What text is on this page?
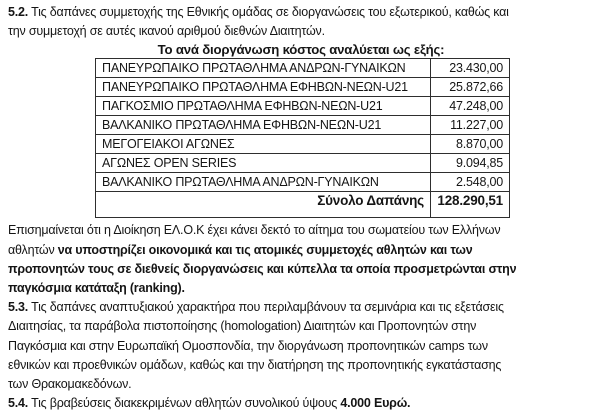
5.2. Τις δαπάνες συμμετοχής της Εθνικής ομάδας σε διοργανώσεις του εξωτερικού, καθώς και
την συμμετοχή σε αυτές ικανού αριθμού διεθνών Διαιτητών.
Το ανά διοργάνωση κόστος αναλύεται ως εξής:
ΠΑΝΕΥΡΩΠΑΙΚΟ ΠΡΩΤΑΘΛΗΜΑ ΑΝΔΡΩΝ-ΓΥΝΑΙΚΩΝ	23.430,00
ΠΑΝΕΥΡΩΠΑΙΚΟ ΠΡΩΤΑΘΛΗΜΑ ΕΦΗΒΩΝ-ΝΕΩΝ-U21	25.872,66
ΠΑΓΚΟΣΜΙΟ ΠΡΩΤΑΘΛΗΜΑ ΕΦΗΒΩΝ-ΝΕΩΝ-U21	47.248,00
ΒΑΛΚΑΝΙΚΟ ΠΡΩΤΑΘΛΗΜΑ ΕΦΗΒΩΝ-ΝΕΩΝ-U21	11.227,00
ΜΕΓΟΓΕΙΑΚΟΙ ΑΓΩΝΕΣ	8.870,00
ΑΓΩΝΕΣ OPEN SERIES	9.094,85
ΒΑΛΚΑΝΙΚΟ ΠΡΩΤΑΘΛΗΜΑ ΑΝΔΡΩΝ-ΓΥΝΑΙΚΩΝ	2.548,00
Σύνολο Δαπάνης	128.290,51
Επισημαίνεται ότι η Διοίκηση ΕΛ.Ο.Κ έχει κάνει δεκτό το αίτημα του σωματείου των Ελλήνων
αθλητών να υποστηρίζει οικονομικά και τις ατομικές συμμετοχές αθλητών και των
προπονητών τους σε διεθνείς διοργανώσεις και κύπελλα τα οποία προσμετρώνται στην
παγκόσμια κατάταξη (ranking).
5.3. Τις δαπάνες αναπτυξιακού χαρακτήρα που περιλαμβάνουν τα σεμινάρια και τις εξετάσεις
Διαιτησίας, τα παράβολα πιστοποίησης (homologation) Διαιτητών και Προπονητών στην
Παγκόσμια και στην Ευρωπαϊκή Ομοσπονδία, την διοργάνωση προπονητικών camps των
εθνικών και προεθνικών ομάδων, καθώς και την διατήρηση της προπονητικής εγκατάστασης
των Θρακομακεδόνων.
5.4. Τις βραβεύσεις διακεκριμένων αθλητών συνολικού ύψους 4.000 Ευρώ.
